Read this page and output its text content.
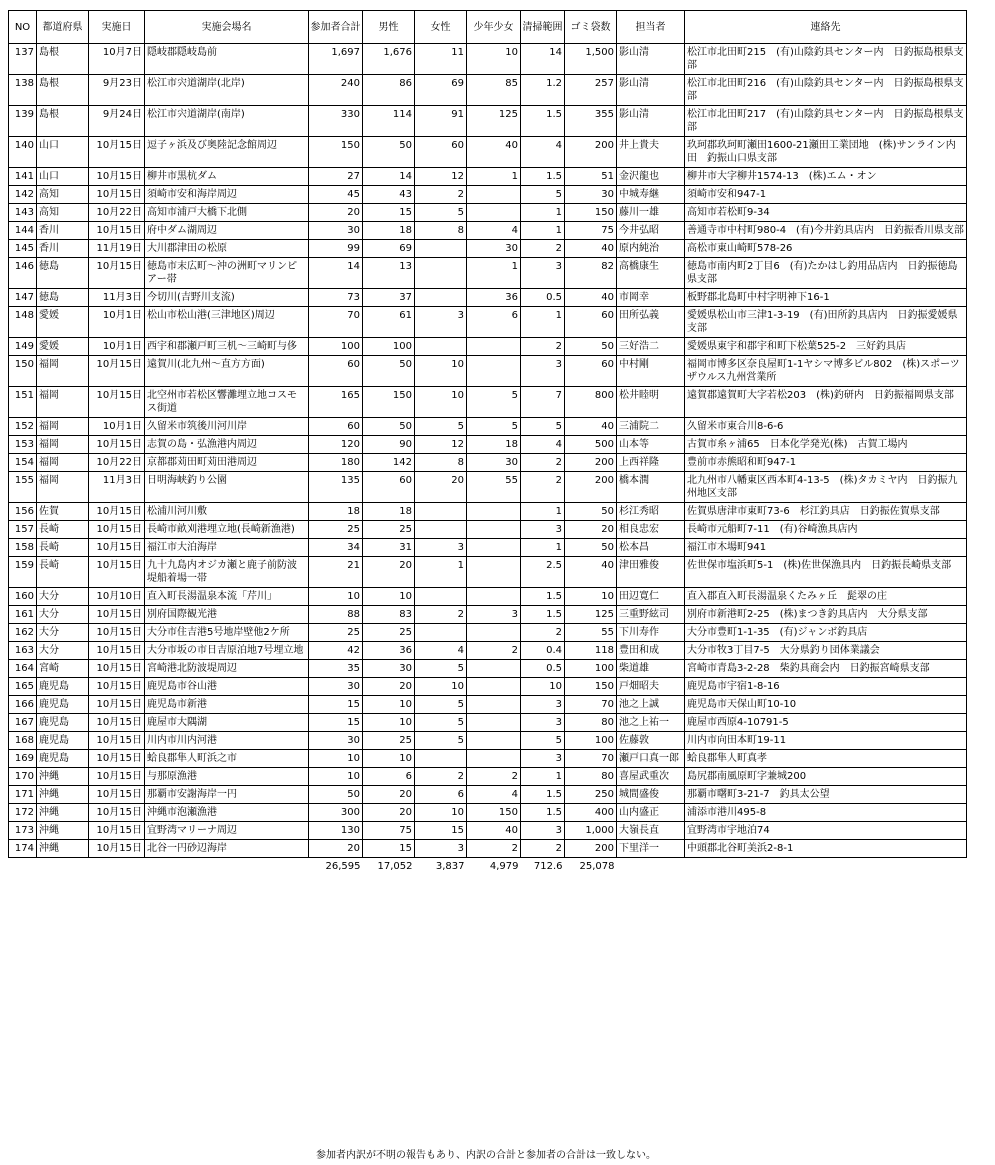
NO	都道府県	実施日	実施会場名	参加者合計	男性	女性	少年少女	清掃範囲	ゴミ袋数	担当者	連絡先
137	島根	10月7日	隠岐郡隠岐島前	1,697	1,676	11	10	14	1,500	影山清	松江市北田町215　(有)山陰釣具センター内　日釣振島根県支部
138	島根	9月23日	松江市宍道湖岸(北岸)	240	86	69	85	1.2	257	影山清	松江市北田町216　(有)山陰釣具センター内　日釣振島根県支部
139	島根	9月24日	松江市宍道湖岸(南岸)	330	114	91	125	1.5	355	影山清	松江市北田町217　(有)山陰釣具センター内　日釣振島根県支部
140	山口	10月15日	逗子ヶ浜及び奥陸記念館周辺	150	50	60	40	4	200	井上貴夫	玖珂郡玖珂町瀬田1600-21瀬田工業団地　(株)サンライン内田　釣振山口県支部
141	山口	10月15日	柳井市黒杭ダム	27	14	12	1	1.5	51	金沢龍也	柳井市大字柳井1574-13　(株)エム・オン
142	高知	10月15日	須崎市安和海岸周辺	45	43	2		5	30	中城寿継	須崎市安和947-1
143	高知	10月22日	高知市浦戸大橋下北側	20	15	5		1	150	藤川一雄	高知市若松町9-34
144	香川	10月15日	府中ダム湖周辺	30	18	8	4	1	75	今井弘昭	善通寺市中村町980-4　(有)今井釣具店内　日釣振香川県支部
145	香川	11月19日	大川郡津田の松原	99	69		30	2	40	原内純治	高松市東山崎町578-26
146	徳島	10月15日	徳島市末広町～沖の洲町マリンピアー帯	14	13		1	3	82	高橋康生	徳島市南内町2丁目6　(有)たかはし釣用品店内　日釣振徳島県支部
147	徳島	11月3日	今切川(吉野川支流)	73	37		36	0.5	40	市岡幸	板野郡北島町中村字明神下16-1
148	愛媛	10月1日	松山市松山港(三津地区)周辺	70	61	3	6	1	60	田所弘義	愛媛県松山市三津1-3-19　(有)田所釣具店内　日釣振愛媛県支部
149	愛媛	10月1日	西宇和郡瀬戸町三机～三崎町与侈	100	100			2	50	三好浩二	愛媛県東宇和郡宇和町下松葉525-2　三好釣具店
150	福岡	10月15日	遠賀川(北九州～直方方面)	60	50	10		3	60	中村剛	福岡市博多区奈良屋町1-1ヤシマ博多ビル802　(株)スポーツザウルス九州営業所
151	福岡	10月15日	北空州市若松区響灘埋立地コスモス街道	165	150	10	5	7	800	松井睦明	遠賀郡遠賀町大字若松203　(株)釣研内　日釣振福岡県支部
152	福岡	10月1日	久留米市筑後川河川岸	60	50	5	5	5	40	三浦院二	久留米市東合川8-6-6
153	福岡	10月15日	志賀の島・弘漁港内周辺	120	90	12	18	4	500	山本等	古賀市糸ヶ浦65　日本化学発光(株)　古賀工場内
154	福岡	10月22日	京都郡苅田町苅田港周辺	180	142	8	30	2	200	上西祥隆	豊前市赤熊昭和町947-1
155	福岡	11月3日	日明海峡釣り公園	135	60	20	55	2	200	橋本潤	北九州市八幡東区西本町4-13-5　(株)タカミヤ内　日釣振九州地区支部
156	佐賀	10月15日	松浦川河川敷	18	18			1	50	杉江秀昭	佐賀県唐津市東町73-6　杉江釣具店　日釣振佐賀県支部
157	長崎	10月15日	長崎市畝刈港埋立地(長崎新漁港)	25	25			3	20	相良忠宏	長崎市元船町7-11　(有)谷崎漁具店内
158	長崎	10月15日	福江市大泊海岸	34	31	3		1	50	松本昌	福江市木場町941
159	長崎	10月15日	九十九島内オジカ瀬と鹿子前防波堤船着場一帯	21	20	1		2.5	40	津田雅俊	佐世保市塩浜町5-1　(株)佐世保漁具内　日釣振長崎県支部
160	大分	10月10日	直入町長湯温泉本流「芹川」	10	10			1.5	10	田辺寛仁	直入郡直入町長湯温泉くたみヶ丘　髭翠の庄
161	大分	10月15日	別府国際観光港	88	83	2	3	1.5	125	三重野絃司	別府市新港町2-25　(株)まつき釣具店内　大分県支部
162	大分	10月15日	大分市住吉港5号地岸壁他2ケ所	25	25			2	55	下川寿作	大分市豊町1-1-35　(有)ジャンボ釣具店
163	大分	10月15日	大分市坂の市日吉原泊地7号埋立地	42	36	4	2	0.4	118	豊田和成	大分市牧3丁目7-5　大分県釣り団体業議会
164	宮崎	10月15日	宮崎港北防波堤周辺	35	30	5		0.5	100	柴道雄	宮崎市青島3-2-28　柴釣具商会内　日釣振宮崎県支部
165	鹿児島	10月15日	鹿児島市谷山港	30	20	10		10	150	戸畑昭夫	鹿児島市宇宿1-8-16
166	鹿児島	10月15日	鹿児島市新港	15	10	5		3	70	池之上誠	鹿児島市天保山町10-10
167	鹿児島	10月15日	鹿屋市大隅湖	15	10	5		3	80	池之上祐一	鹿屋市西原4-10791-5
168	鹿児島	10月15日	川内市川内河港	30	25	5		5	100	佐藤敦	川内市向田本町19-11
169	鹿児島	10月15日	蛤良郡隼人町浜之市	10	10			3	70	瀬戸口真一郎	蛤良郡隼人町真孝
170	沖縄	10月15日	与那原漁港	10	6	2	2	1	80	喜屋武重次	島尻郡南風原町字兼城200
171	沖縄	10月15日	那覇市安謝海岸一円	50	20	6	4	1.5	250	城間盛俊	那覇市曙町3-21-7　釣具太公望
172	沖縄	10月15日	沖縄市泡瀬漁港	300	20	10	150	1.5	400	山内盛正	浦添市港川495-8
173	沖縄	10月15日	宜野湾マリーナ周辺	130	75	15	40	3	1,000	大嶺長直	宜野湾市宇地泊74
174	沖縄	10月15日	北谷一円砂辺海岸	20	15	3	2	2	200	下里洋一	中頭郡北谷町美浜2-8-1
				26,595	17,052	3,837	4,979	712.6	25,078		
参加者内訳が不明の報告もあり、内訳の合計と参加者の合計は一致しない。
